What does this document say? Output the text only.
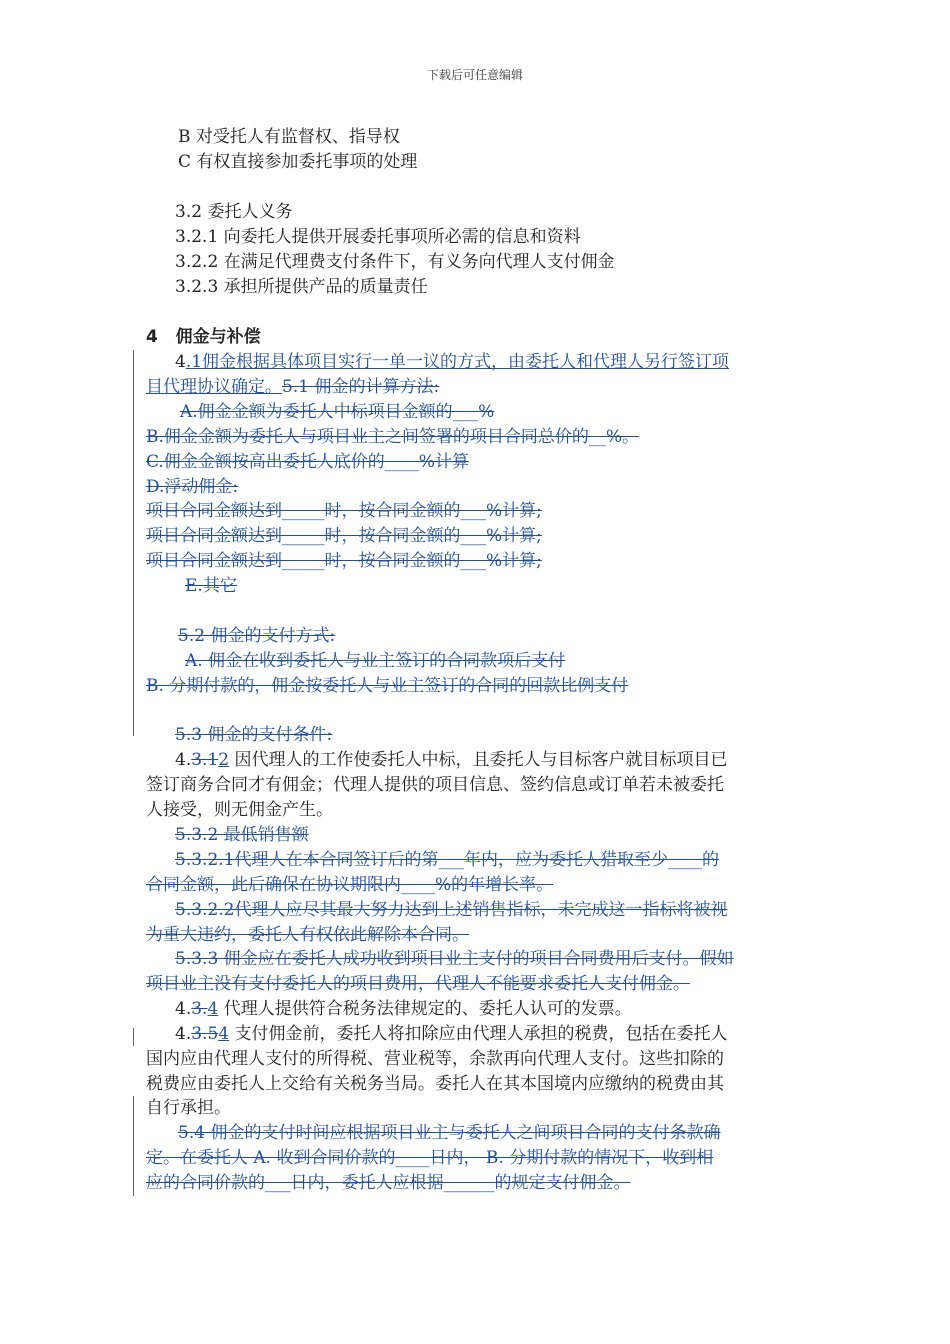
下载后可任意编辑
B 对受托人有监督权、指导权
C 有权直接参加委托事项的处理
3.2 委托人义务
3.2.1 向委托人提供开展委托事项所必需的信息和资料
3.2.2 在满足代理费支付条件下，有义务向代理人支付佣金
3.2.3 承担所提供产品的质量责任
4   佣金与补偿
4.1佣金根据具体项目实行一单一议的方式，由委托人和代理人另行签订项
目代理协议确定。5.1 佣金的计算方法:
A.佣金金额为委托人中标项目金额的___%
B.佣金金额为委托人与项目业主之间签署的项目合同总价的__%。
C.佣金金额按高出委托人底价的____%计算
D.浮动佣金:
项目合同金额达到_____时，按合同金额的___%计算;
项目合同金额达到_____时，按合同金额的___%计算;
项目合同金额达到_____时，按合同金额的___%计算;
E.其它
5.2 佣金的支付方式:
A. 佣金在收到委托人与业主签订的合同款项后支付
B. 分期付款的，佣金按委托人与业主签订的合同的回款比例支付
5.3 佣金的支付条件:
4.3.12 因代理人的工作使委托人中标，且委托人与目标客户就目标项目已
签订商务合同才有佣金；代理人提供的项目信息、签约信息或订单若未被委托
人接受，则无佣金产生。
5.3.2 最低销售额
5.3.2.1代理人在本合同签订后的第___年内，应为委托人猎取至少____的
合同金额，此后确保在协议期限内____%的年增长率。
5.3.2.2代理人应尽其最大努力达到上述销售指标，未完成这一指标将被视
为重大违约，委托人有权依此解除本合同。
5.3.3 佣金应在委托人成功收到项目业主支付的项目合同费用后支付。假如
项目业主没有支付委托人的项目费用，代理人不能要求委托人支付佣金。
4.3.4 代理人提供符合税务法律规定的、委托人认可的发票。
4.3.54 支付佣金前，委托人将扣除应由代理人承担的税费，包括在委托人
国内应由代理人支付的所得税、营业税等，余款再向代理人支付。这些扣除的
税费应由委托人上交给有关税务当局。委托人在其本国境内应缴纳的税费由其
自行承担。
5.4 佣金的支付时间应根据项目业主与委托人之间项目合同的支付条款确
定。在委托人 A. 收到合同价款的____日内， B. 分期付款的情况下，收到相
应的合同价款的___日内，委托人应根据______的规定支付佣金。
